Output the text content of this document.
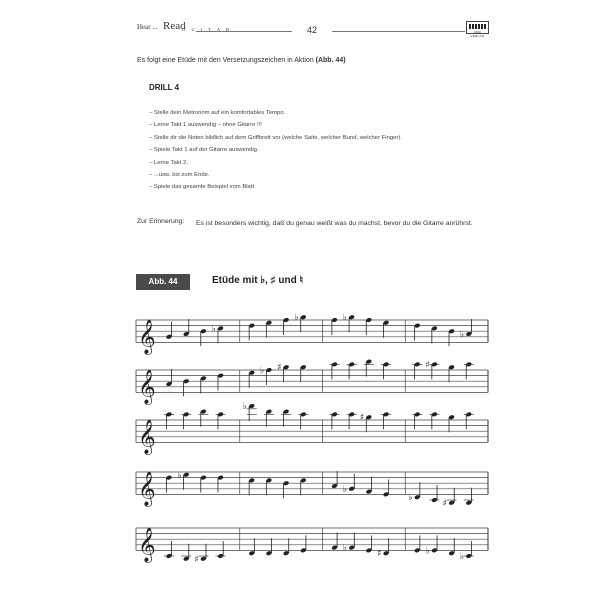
Hear ... Read
G U I T A R	42	AMA VERLAG
Es folgt eine Etüde mit den Versetzungszeichen in Aktion (Abb. 44)
DRILL 4
– Stelle dein Metronom auf ein komfortables Tempo.
– Lerne Takt 1 auswendig – ohne Gitarre !!!
– Stelle dir die Noten bildlich auf dem Griffbrett vor (welche Saite, welcher Bund, welcher Finger).
– Spiele Takt 1 auf der Gitarre auswendig.
– Lerne Takt 2.
– ...usw. bis zum Ende.
– Spiele das gesamte Beispiel vom Blatt
Zur Erinnerung: Es ist besonders wichtig, daß du genau weißt was du machst, bevor du die Gitarre anrührst.
Abb. 44	Etüde mit ♭, ♯ und ♮
𝄞	♭
♭	♭
♭
𝄞	♭ ♯	♯
𝄞
♭
♯
𝄞 ♭
♭
♭
♯
𝄞	♯
♭
♯	♭
♭
